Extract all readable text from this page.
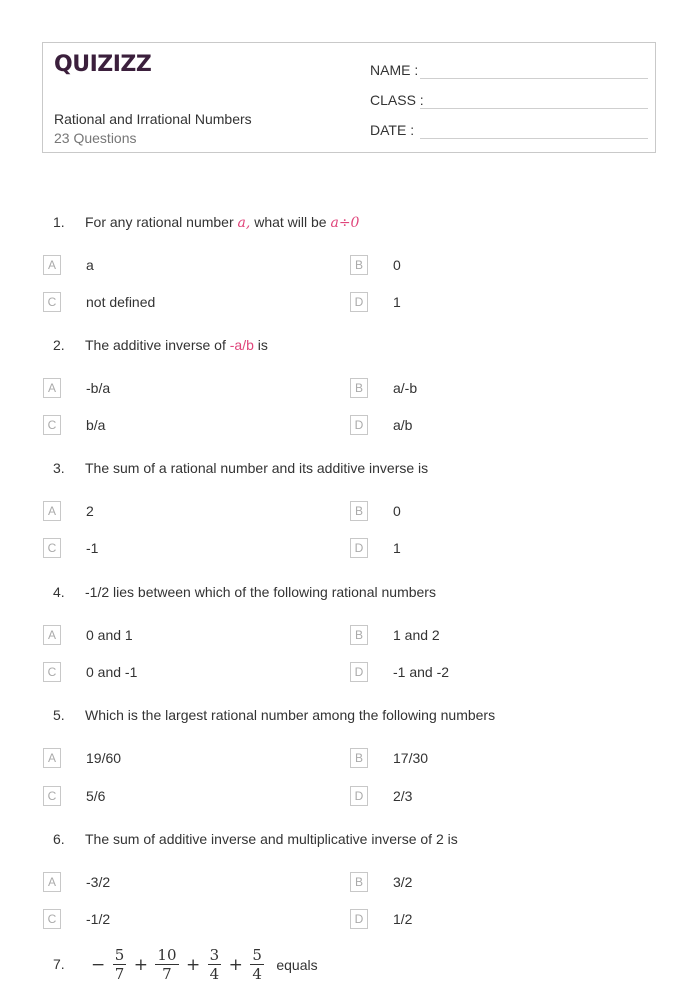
QUIZIZZ
Rational and Irrational Numbers
23 Questions
NAME :
CLASS :
DATE :
1. For any rational number a, what will be a÷0
A	a	B	0
C	not defined	D	1
2. The additive inverse of -a/b is
A	-b/a	B	a/-b
C	b/a	D	a/b
3. The sum of a rational number and its additive inverse is
A	2	B	0
C	-1	D	1
4. -1/2 lies between which of the following rational numbers
A	0 and 1	B	1 and 2
C	0 and -1	D	-1 and -2
5. Which is the largest rational number among the following numbers
A	19/60	B	17/30
C	5/6	D	2/3
6. The sum of additive inverse and multiplicative inverse of 2 is
A	-3/2	B	3/2
C	-1/2	D	1/2
7. − $\frac{5}{7} + \frac{10}{7} + \frac{3}{4} + \frac{5}{4}$ equals
